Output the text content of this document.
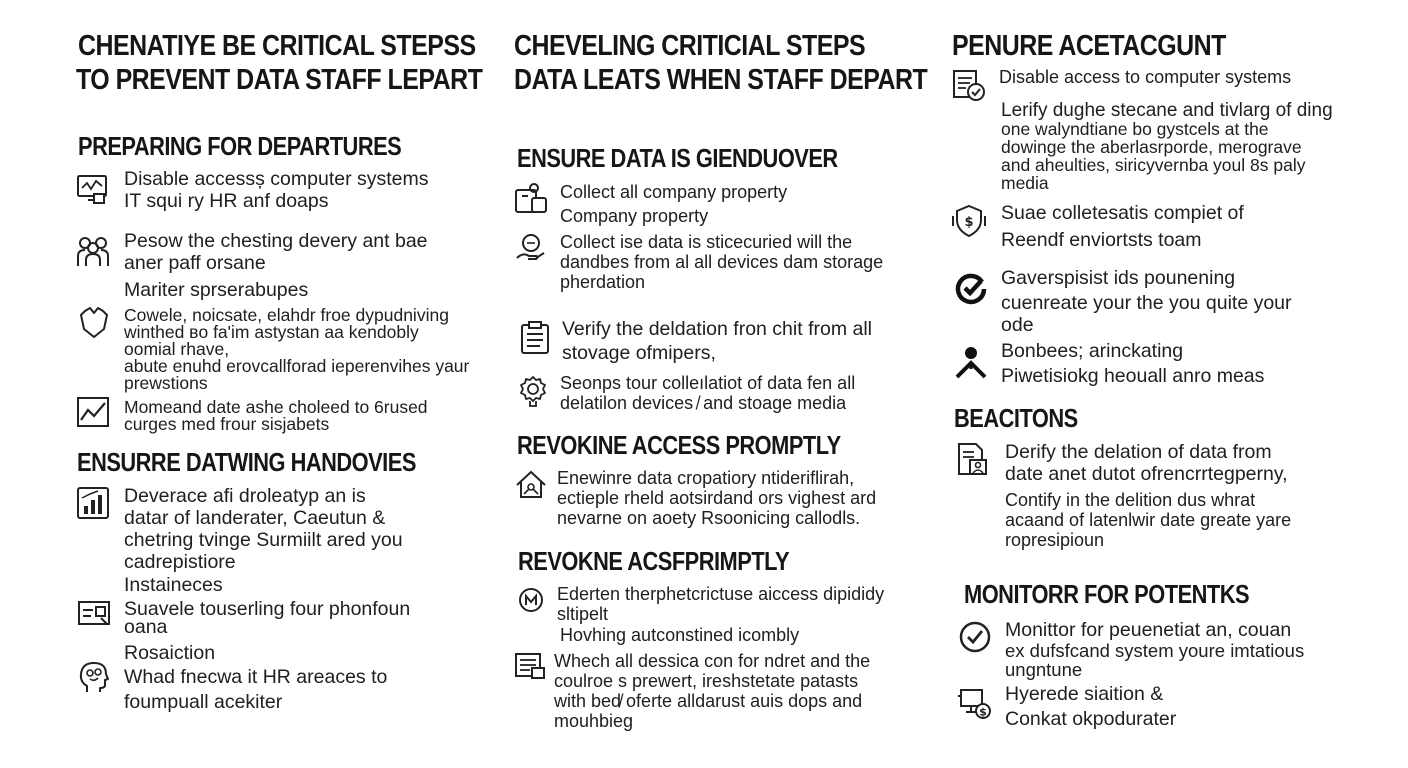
CHENATIYE BE CRITICAL STEPSS
TO PREVENT DATA STAFF LEPART
PREPARING FOR DEPARTURES
Disable accessș computer systems
IT squi ry HR anf doaps
Pesow the chesting devery ant bae
aner paff orsane
Mariter sprserabupes
Cowele, noicsate, elahdr froe dypudniving
winthed вo fa'im astystan aа kendobly
oomial rhave,
abute enuhd erovcallforad ieperenvihes yaur
prewstions
Momeand date ashe choleed to 6rused
curges med frour sisjabets
ENSURRE DATWING HANDOVIES
Deverace afi droleatyp an is
datar of landerater, Caeutun &
chetring tvinge Surmiilt ared you
cadrepistiore
Instaineces
Suavele touserling four phonfoun
oana
Rosaiction
Whad fnecwa it HR areaces to
foumpuall acekiter
CHEVELING CRITICIAL STEPS
DATA LEATS WHEN STAFF DEPART
ENSURE DATA IS GIENDUOVER
Collect all company property
Company property
Collect ise data is sticecuried will the
dandbes from al all devices dam storage
pherdation
Verify the deldation fron chit from all
stovage ofmipers,
Seonps tour colleılatiot of data fen all
delatilon devices ̸ and stoage media
REVOKINE ACCESS PROMPTLY
Enewinre data cropatiory ntideriflirah,
ectieple rheld aotsirdand ors vighest ard
nevarne on aoety Rsoonicing callodls.
REVOKNE ACSFPRIMPTLY
Ederten therphetcrictuse aiccess dipididy
sltipelt
Hovhing autconstined icombly
Whech all dessica con for ndret and the
coulroe s prewert, ireshstetate patasts
with bed̸ oferte alldarust auis dops and
mouhbieg
PENURE ACETACGUNT
Disable access to computer systems
Lerify dughe stecane and tivlarg of ding
one walyndtiane bo gystcels at the
dowinge the aberlasrporde, merograve
and aheulties, siricyvernba youl 8s paly
media
$ Suae colletesatis compiet of
Reendf enviortsts toam
Gaverspisist ids pounening
cuenreate your the you quite your
ode
Bonbees; arinckating
Piwetisiokg heouall anro meas
BEACITONS
Derify the delation of data from
date anet dutot ofrencrrtegperny,
Contify in the delition dus whrat
acaand of latenlwir date greate yare
ropresipioun
MONITORR FOR POTENTKS
Monittor for peuenetiat an, couan
ex dufsfcand system youre imtatious
ungntune
$
Hyerede siaition &
Conkat okpodurater
